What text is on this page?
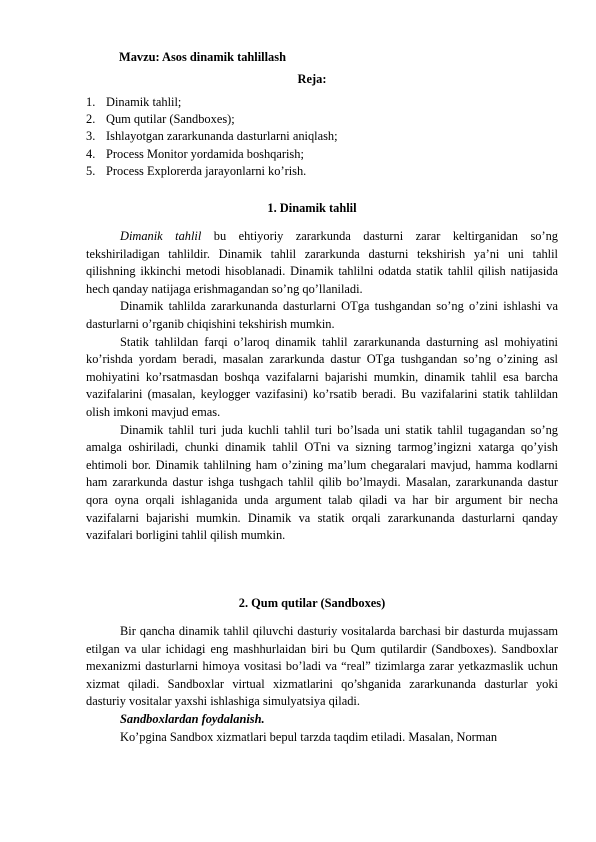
Mavzu: Asos dinamik tahlillash
Reja:
1. Dinamik tahlil;
2. Qum qutilar (Sandboxes);
3. Ishlayotgan zararkunanda dasturlarni aniqlash;
4. Process Monitor yordamida boshqarish;
5. Process Explorerda jarayonlarni ko’rish.
1. Dinamik tahlil

Dimanik tahlil bu ehtiyoriy zararkunda dasturni zarar keltirganidan so’ng tekshiriladigan tahlildir. Dinamik tahlil zararkunda dasturni tekshirish ya’ni uni tahlil qilishning ikkinchi metodi hisoblanadi. Dinamik tahlilni odatda statik tahlil qilish natijasida hech qanday natijaga erishmagandan so’ng qo’llaniladi.

Dinamik tahlilda zararkunanda dasturlarni OTga tushgandan so’ng o’zini ishlashi va dasturlarni o’rganib chiqishini tekshirish mumkin.

Statik tahlildan farqi o’laroq dinamik tahlil zararkunanda dasturning asl mohiyatini ko’rishda yordam beradi, masalan zararkunda dastur OTga tushgandan so’ng o’zining asl mohiyatini ko’rsatmasdan boshqa vazifalarni bajarishi mumkin, dinamik tahlil esa barcha vazifalarini (masalan, keylogger vazifasini) ko’rsatib beradi. Bu vazifalarini statik tahlildan olish imkoni mavjud emas.

Dinamik tahlil turi juda kuchli tahlil turi bo’lsada uni statik tahlil tugagandan so’ng amalga oshiriladi, chunki dinamik tahlil OTni va sizning tarmog’ingizni xatarga qo’yish ehtimoli bor. Dinamik tahlilning ham o’zining ma’lum chegaralari mavjud, hamma kodlarni ham zararkunda dastur ishga tushgach tahlil qilib bo’lmaydi. Masalan, zararkunanda dastur qora oyna orqali ishlaganida unda argument talab qiladi va har bir argument bir necha vazifalarni bajarishi mumkin. Dinamik va statik orqali zararkunanda dasturlarni qanday vazifalari borligini tahlil qilish mumkin.

2. Qum qutilar (Sandboxes)

Bir qancha dinamik tahlil qiluvchi dasturiy vositalarda barchasi bir dasturda mujassam etilgan va ular ichidagi eng mashhurlaidan biri bu Qum qutilardir (Sandboxes). Sandboxlar mexanizmi dasturlarni himoya vositasi bo’ladi va “real” tizimlarga zarar yetkazmaslik uchun xizmat qiladi. Sandboxlar virtual xizmatlarini qo’shganida zararkunanda dasturlar yoki dasturiy vositalar yaxshi ishlashiga simulyatsiya qiladi.

Sandboxlardan foydalanish.

Ko’pgina Sandbox xizmatlari bepul tarzda taqdim etiladi. Masalan, Norman
